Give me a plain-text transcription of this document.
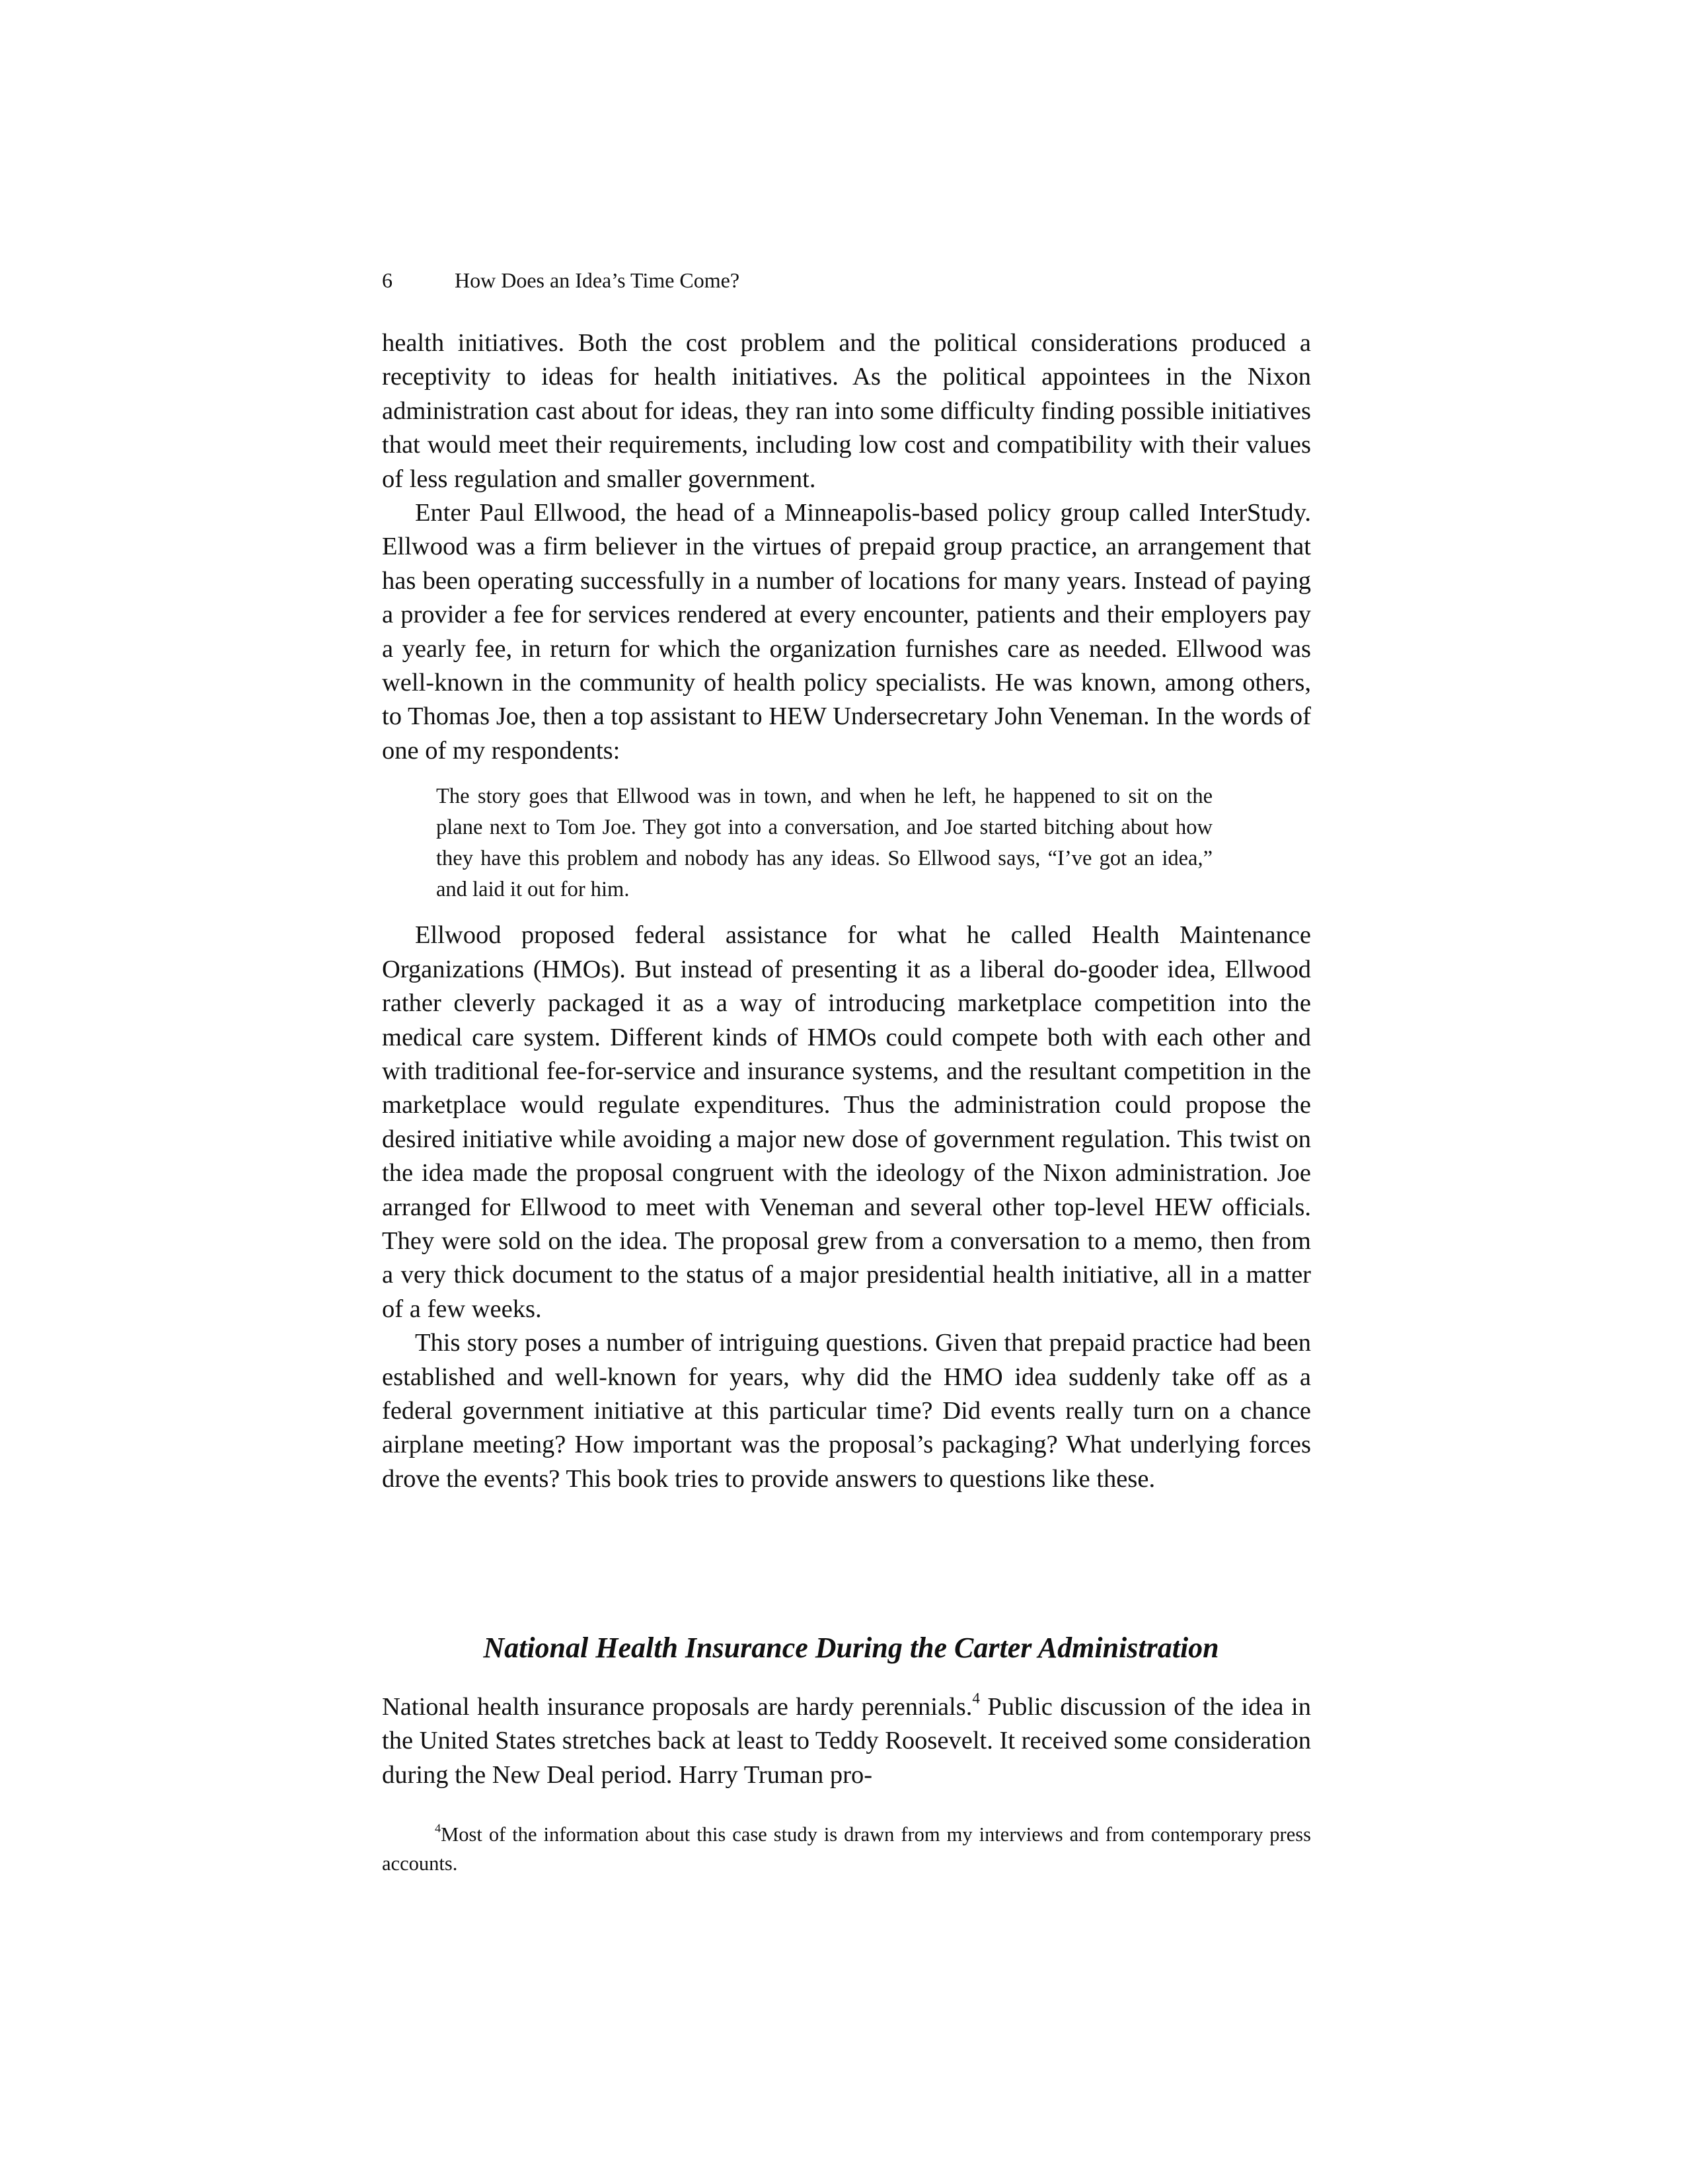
6	How Does an Idea’s Time Come?

health initiatives. Both the cost problem and the political considerations produced a receptivity to ideas for health initiatives. As the political appointees in the Nixon administration cast about for ideas, they ran into some difficulty finding possible initiatives that would meet their requirements, including low cost and compatibility with their values of less regulation and smaller government.

Enter Paul Ellwood, the head of a Minneapolis-based policy group called InterStudy. Ellwood was a firm believer in the virtues of prepaid group practice, an arrangement that has been operating successfully in a number of locations for many years. Instead of paying a provider a fee for services rendered at every encounter, patients and their employers pay a yearly fee, in return for which the organization furnishes care as needed. Ellwood was well-known in the community of health policy specialists. He was known, among others, to Thomas Joe, then a top assistant to HEW Undersecretary John Veneman. In the words of one of my respondents:

The story goes that Ellwood was in town, and when he left, he happened to sit on the plane next to Tom Joe. They got into a conversation, and Joe started bitching about how they have this problem and nobody has any ideas. So Ellwood says, “I’ve got an idea,” and laid it out for him.

Ellwood proposed federal assistance for what he called Health Maintenance Organizations (HMOs). But instead of presenting it as a liberal do-gooder idea, Ellwood rather cleverly packaged it as a way of introducing marketplace competition into the medical care system. Different kinds of HMOs could compete both with each other and with traditional fee-for-service and insurance systems, and the resultant competition in the marketplace would regulate expenditures. Thus the administration could propose the desired initiative while avoiding a major new dose of government regulation. This twist on the idea made the proposal congruent with the ideology of the Nixon administration. Joe arranged for Ellwood to meet with Veneman and several other top-level HEW officials. They were sold on the idea. The proposal grew from a conversation to a memo, then from a very thick document to the status of a major presidential health initiative, all in a matter of a few weeks.

This story poses a number of intriguing questions. Given that prepaid practice had been established and well-known for years, why did the HMO idea suddenly take off as a federal government initiative at this particular time? Did events really turn on a chance airplane meeting? How important was the proposal’s packaging? What underlying forces drove the events? This book tries to provide answers to questions like these.

National Health Insurance During the Carter Administration

National health insurance proposals are hardy perennials.$^4$ Public discussion of the idea in the United States stretches back at least to Teddy Roosevelt. It received some consideration during the New Deal period. Harry Truman pro-

$^4$Most of the information about this case study is drawn from my interviews and from contemporary press accounts.
